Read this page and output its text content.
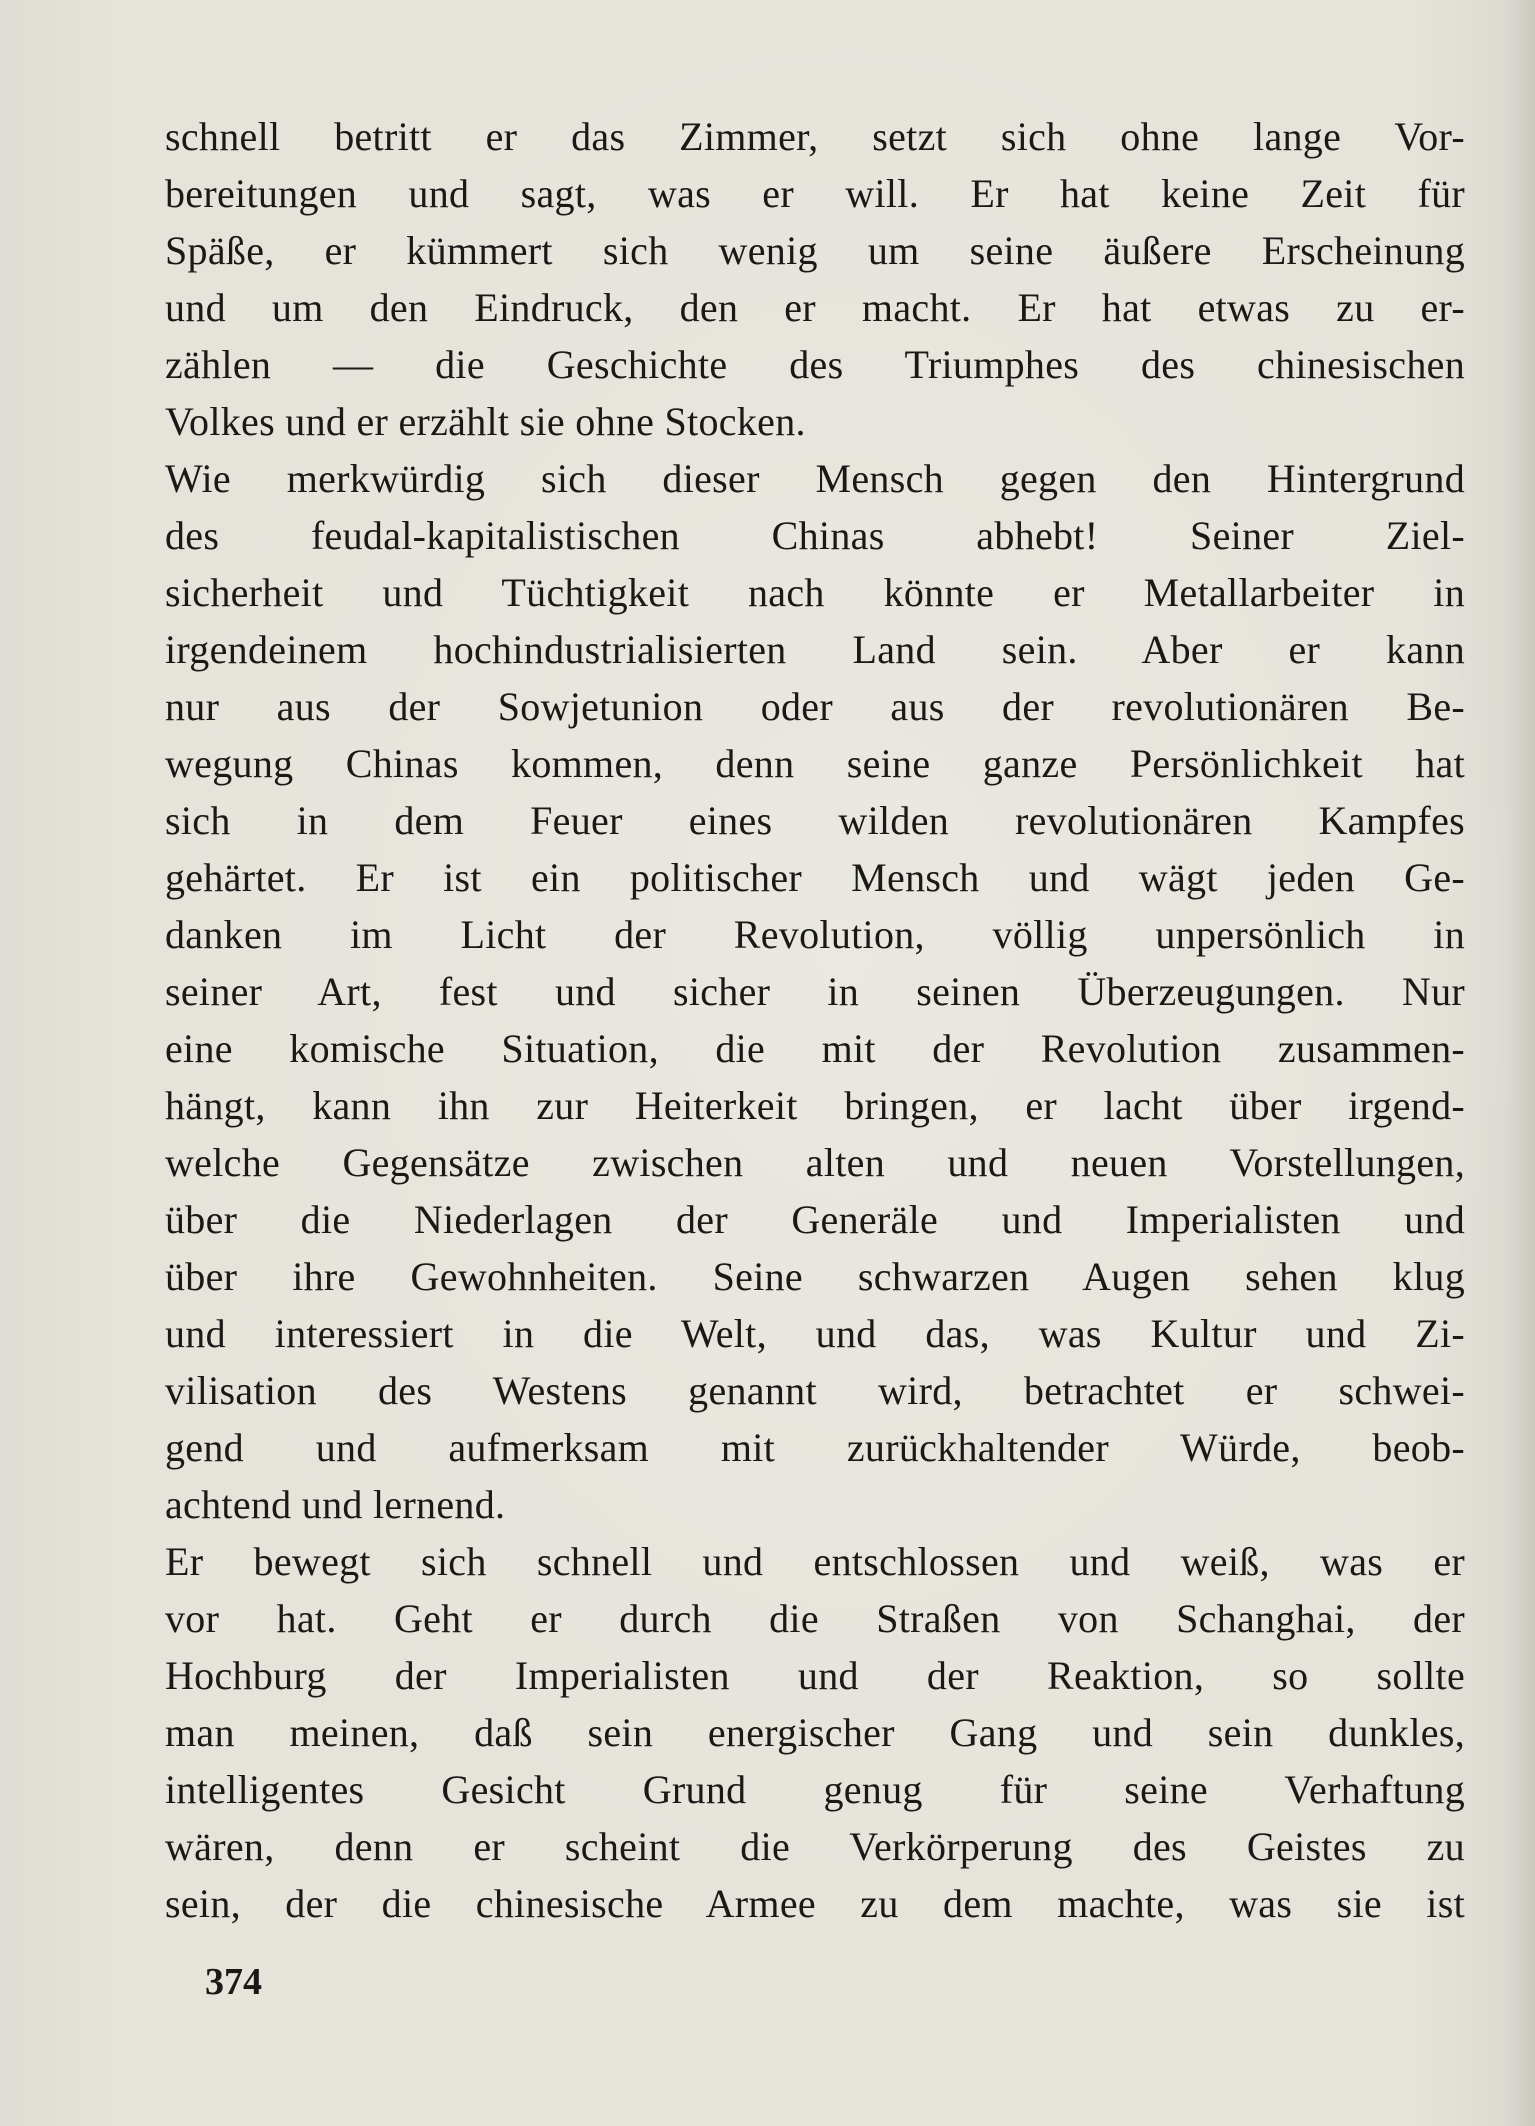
schnell betritt er das Zimmer, setzt sich ohne lange Vor-
bereitungen und sagt, was er will. Er hat keine Zeit für
Späße, er kümmert sich wenig um seine äußere Erscheinung
und um den Eindruck, den er macht. Er hat etwas zu er-
zählen — die Geschichte des Triumphes des chinesischen
Volkes und er erzählt sie ohne Stocken.
Wie merkwürdig sich dieser Mensch gegen den Hintergrund
des feudal-kapitalistischen Chinas abhebt! Seiner Ziel-
sicherheit und Tüchtigkeit nach könnte er Metallarbeiter in
irgendeinem hochindustrialisierten Land sein. Aber er kann
nur aus der Sowjetunion oder aus der revolutionären Be-
wegung Chinas kommen, denn seine ganze Persönlichkeit hat
sich in dem Feuer eines wilden revolutionären Kampfes
gehärtet. Er ist ein politischer Mensch und wägt jeden Ge-
danken im Licht der Revolution, völlig unpersönlich in
seiner Art, fest und sicher in seinen Überzeugungen. Nur
eine komische Situation, die mit der Revolution zusammen-
hängt, kann ihn zur Heiterkeit bringen, er lacht über irgend-
welche Gegensätze zwischen alten und neuen Vorstellungen,
über die Niederlagen der Generäle und Imperialisten und
über ihre Gewohnheiten. Seine schwarzen Augen sehen klug
und interessiert in die Welt, und das, was Kultur und Zi-
vilisation des Westens genannt wird, betrachtet er schwei-
gend und aufmerksam mit zurückhaltender Würde, beob-
achtend und lernend.
Er bewegt sich schnell und entschlossen und weiß, was er
vor hat. Geht er durch die Straßen von Schanghai, der
Hochburg der Imperialisten und der Reaktion, so sollte
man meinen, daß sein energischer Gang und sein dunkles,
intelligentes Gesicht Grund genug für seine Verhaftung
wären, denn er scheint die Verkörperung des Geistes zu
sein, der die chinesische Armee zu dem machte, was sie ist
374
